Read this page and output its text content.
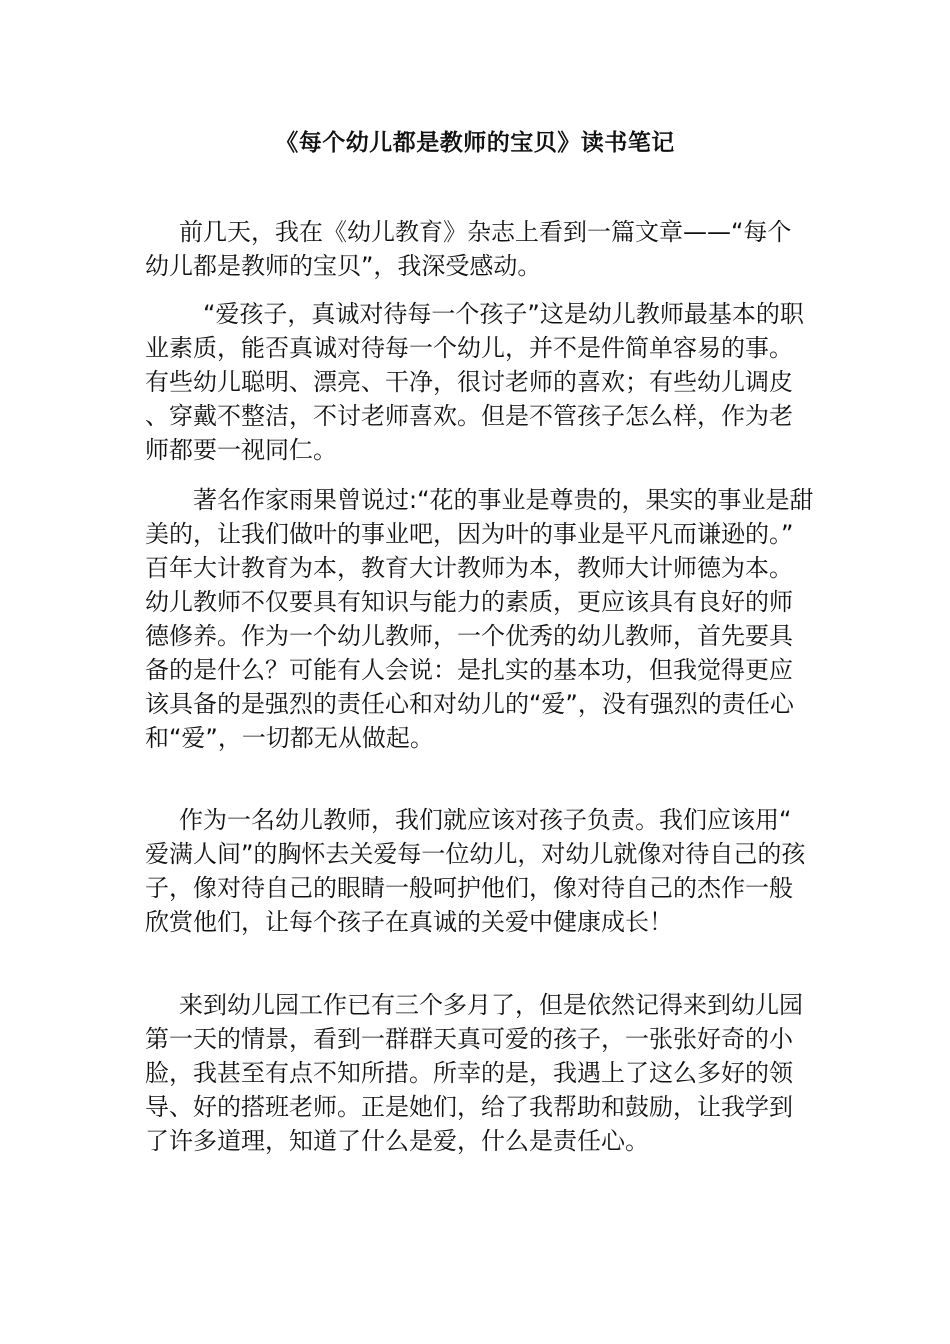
《每个幼儿都是教师的宝贝》读书笔记

前几天，我在《幼儿教育》杂志上看到一篇文章——“每个幼儿都是教师的宝贝”，我深受感动。

“爱孩子，真诚对待每一个孩子”这是幼儿教师最基本的职业素质，能否真诚对待每一个幼儿，并不是件简单容易的事。有些幼儿聪明、漂亮、干净，很讨老师的喜欢；有些幼儿调皮、穿戴不整洁，不讨老师喜欢。但是不管孩子怎么样，作为老师都要一视同仁。

著名作家雨果曾说过:“花的事业是尊贵的，果实的事业是甜美的，让我们做叶的事业吧，因为叶的事业是平凡而谦逊的。”百年大计教育为本，教育大计教师为本，教师大计师德为本。幼儿教师不仅要具有知识与能力的素质，更应该具有良好的师德修养。作为一个幼儿教师，一个优秀的幼儿教师，首先要具备的是什么？可能有人会说：是扎实的基本功，但我觉得更应该具备的是强烈的责任心和对幼儿的“爱”，没有强烈的责任心和“爱”，一切都无从做起。

作为一名幼儿教师，我们就应该对孩子负责。我们应该用“爱满人间”的胸怀去关爱每一位幼儿，对幼儿就像对待自己的孩子，像对待自己的眼睛一般呵护他们，像对待自己的杰作一般欣赏他们，让每个孩子在真诚的关爱中健康成长！

来到幼儿园工作已有三个多月了，但是依然记得来到幼儿园第一天的情景，看到一群群天真可爱的孩子，一张张好奇的小脸，我甚至有点不知所措。所幸的是，我遇上了这么多好的领导、好的搭班老师。正是她们，给了我帮助和鼓励，让我学到了许多道理，知道了什么是爱，什么是责任心。
